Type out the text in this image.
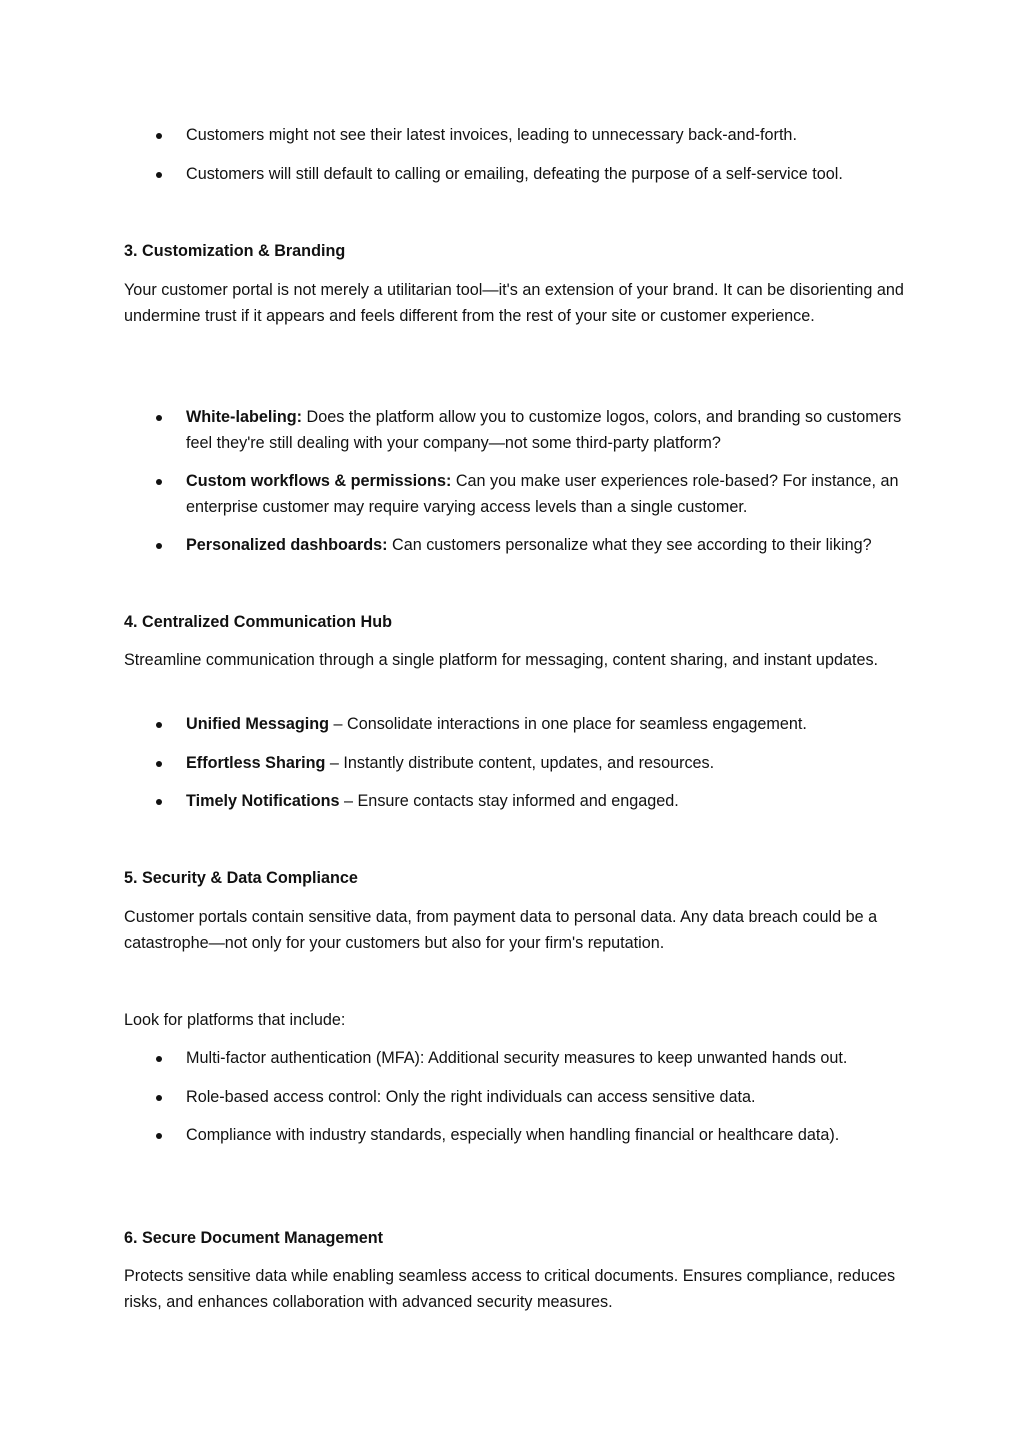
Customers might not see their latest invoices, leading to unnecessary back-and-forth.
Customers will still default to calling or emailing, defeating the purpose of a self-service tool.
3. Customization & Branding

Your customer portal is not merely a utilitarian tool—it's an extension of your brand. It can be disorienting and undermine trust if it appears and feels different from the rest of your site or customer experience.

White-labeling: Does the platform allow you to customize logos, colors, and branding so customers feel they're still dealing with your company—not some third-party platform?
Custom workflows & permissions: Can you make user experiences role-based? For instance, an enterprise customer may require varying access levels than a single customer.
Personalized dashboards: Can customers personalize what they see according to their liking?
4. Centralized Communication Hub

Streamline communication through a single platform for messaging, content sharing, and instant updates.

Unified Messaging – Consolidate interactions in one place for seamless engagement.
Effortless Sharing – Instantly distribute content, updates, and resources.
Timely Notifications – Ensure contacts stay informed and engaged.
5. Security & Data Compliance

Customer portals contain sensitive data, from payment data to personal data. Any data breach could be a catastrophe—not only for your customers but also for your firm's reputation.

Look for platforms that include:
Multi-factor authentication (MFA): Additional security measures to keep unwanted hands out.
Role-based access control: Only the right individuals can access sensitive data.
Compliance with industry standards, especially when handling financial or healthcare data).
6. Secure Document Management

Protects sensitive data while enabling seamless access to critical documents. Ensures compliance, reduces risks, and enhances collaboration with advanced security measures.
